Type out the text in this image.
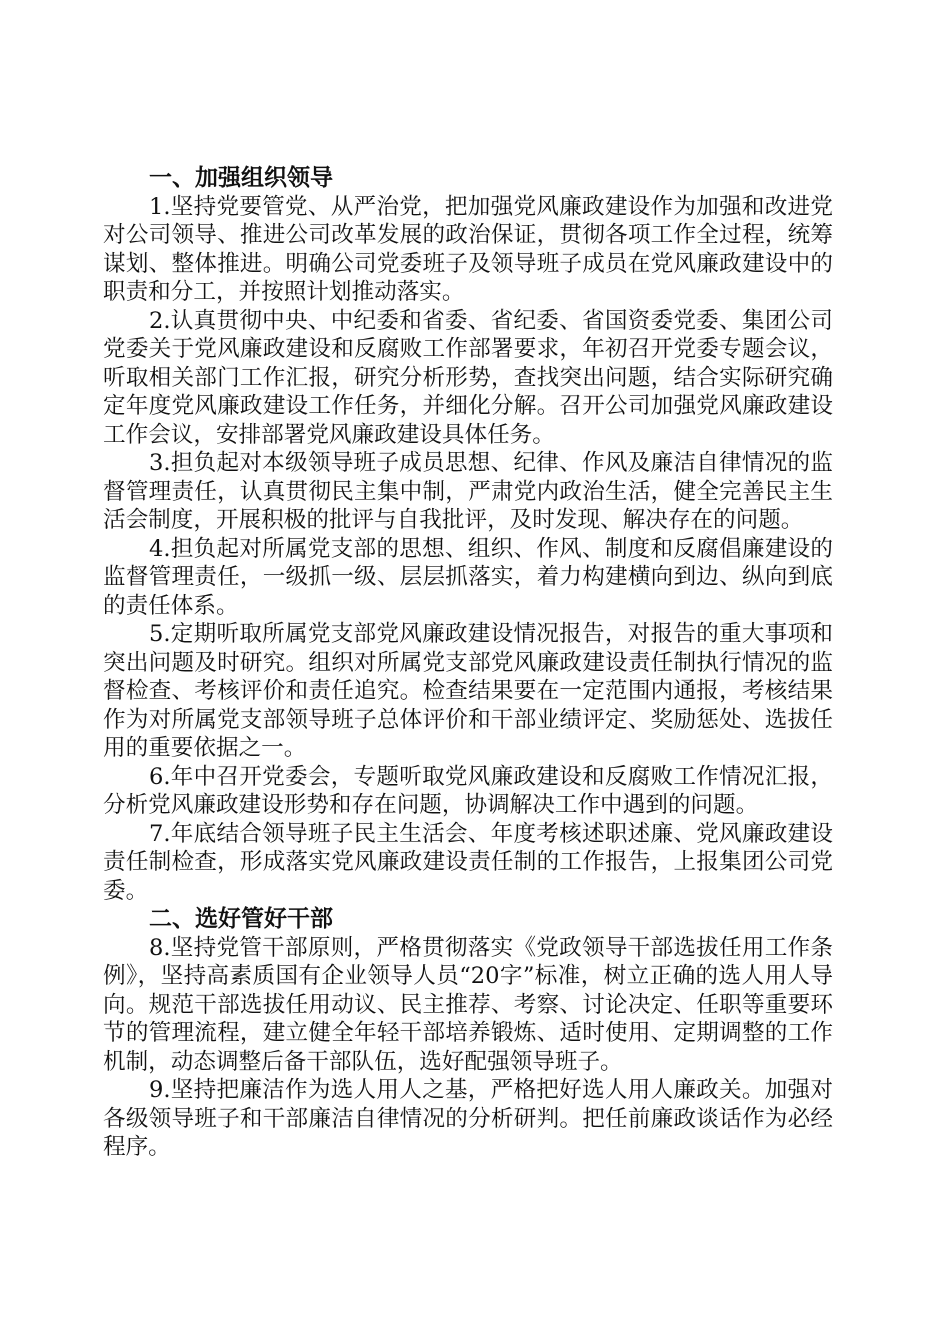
一、加强组织领导

1.坚持党要管党、从严治党，把加强党风廉政建设作为加强和改进党对公司领导、推进公司改革发展的政治保证，贯彻各项工作全过程，统筹谋划、整体推进。明确公司党委班子及领导班子成员在党风廉政建设中的职责和分工，并按照计划推动落实。

2.认真贯彻中央、中纪委和省委、省纪委、省国资委党委、集团公司党委关于党风廉政建设和反腐败工作部署要求，年初召开党委专题会议，听取相关部门工作汇报，研究分析形势，查找突出问题，结合实际研究确定年度党风廉政建设工作任务，并细化分解。召开公司加强党风廉政建设工作会议，安排部署党风廉政建设具体任务。

3.担负起对本级领导班子成员思想、纪律、作风及廉洁自律情况的监督管理责任，认真贯彻民主集中制，严肃党内政治生活，健全完善民主生活会制度，开展积极的批评与自我批评，及时发现、解决存在的问题。

4.担负起对所属党支部的思想、组织、作风、制度和反腐倡廉建设的监督管理责任，一级抓一级、层层抓落实，着力构建横向到边、纵向到底的责任体系。

5.定期听取所属党支部党风廉政建设情况报告，对报告的重大事项和突出问题及时研究。组织对所属党支部党风廉政建设责任制执行情况的监督检查、考核评价和责任追究。检查结果要在一定范围内通报，考核结果作为对所属党支部领导班子总体评价和干部业绩评定、奖励惩处、选拔任用的重要依据之一。

6.年中召开党委会，专题听取党风廉政建设和反腐败工作情况汇报，分析党风廉政建设形势和存在问题，协调解决工作中遇到的问题。

7.年底结合领导班子民主生活会、年度考核述职述廉、党风廉政建设责任制检查，形成落实党风廉政建设责任制的工作报告，上报集团公司党委。

二、选好管好干部

8.坚持党管干部原则，严格贯彻落实《党政领导干部选拔任用工作条例》，坚持高素质国有企业领导人员“20字”标准，树立正确的选人用人导向。规范干部选拔任用动议、民主推荐、考察、讨论决定、任职等重要环节的管理流程，建立健全年轻干部培养锻炼、适时使用、定期调整的工作机制，动态调整后备干部队伍，选好配强领导班子。

9.坚持把廉洁作为选人用人之基，严格把好选人用人廉政关。加强对各级领导班子和干部廉洁自律情况的分析研判。把任前廉政谈话作为必经程序。
